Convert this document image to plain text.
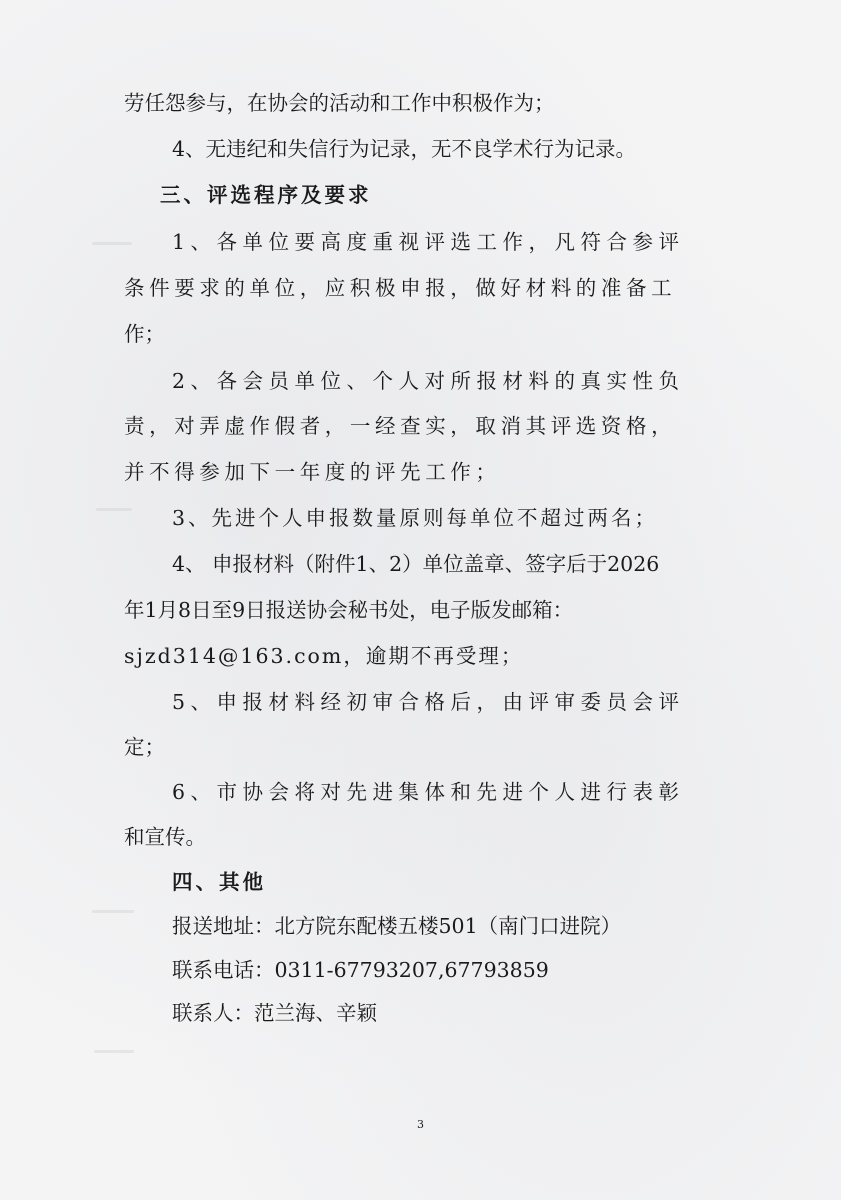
劳任怨参与，在协会的活动和工作中积极作为；
4、无违纪和失信行为记录，无不良学术行为记录。
三、评选程序及要求
1、各单位要高度重视评选工作，凡符合参评
条件要求的单位，应积极申报，做好材料的准备工
作；
2、各会员单位、个人对所报材料的真实性负
责，对弄虚作假者，一经查实，取消其评选资格，
并不得参加下一年度的评先工作；
3、先进个人申报数量原则每单位不超过两名；
4、 申报材料（附件1、2）单位盖章、签字后于2026
年1月8日至9日报送协会秘书处，电子版发邮箱：
sjzd314@163.com，逾期不再受理；
5、申报材料经初审合格后，由评审委员会评
定；
6、市协会将对先进集体和先进个人进行表彰
和宣传。
四、其他
报送地址：北方院东配楼五楼501（南门口进院）
联系电话：0311-67793207,67793859
联系人：范兰海、辛颖
3
